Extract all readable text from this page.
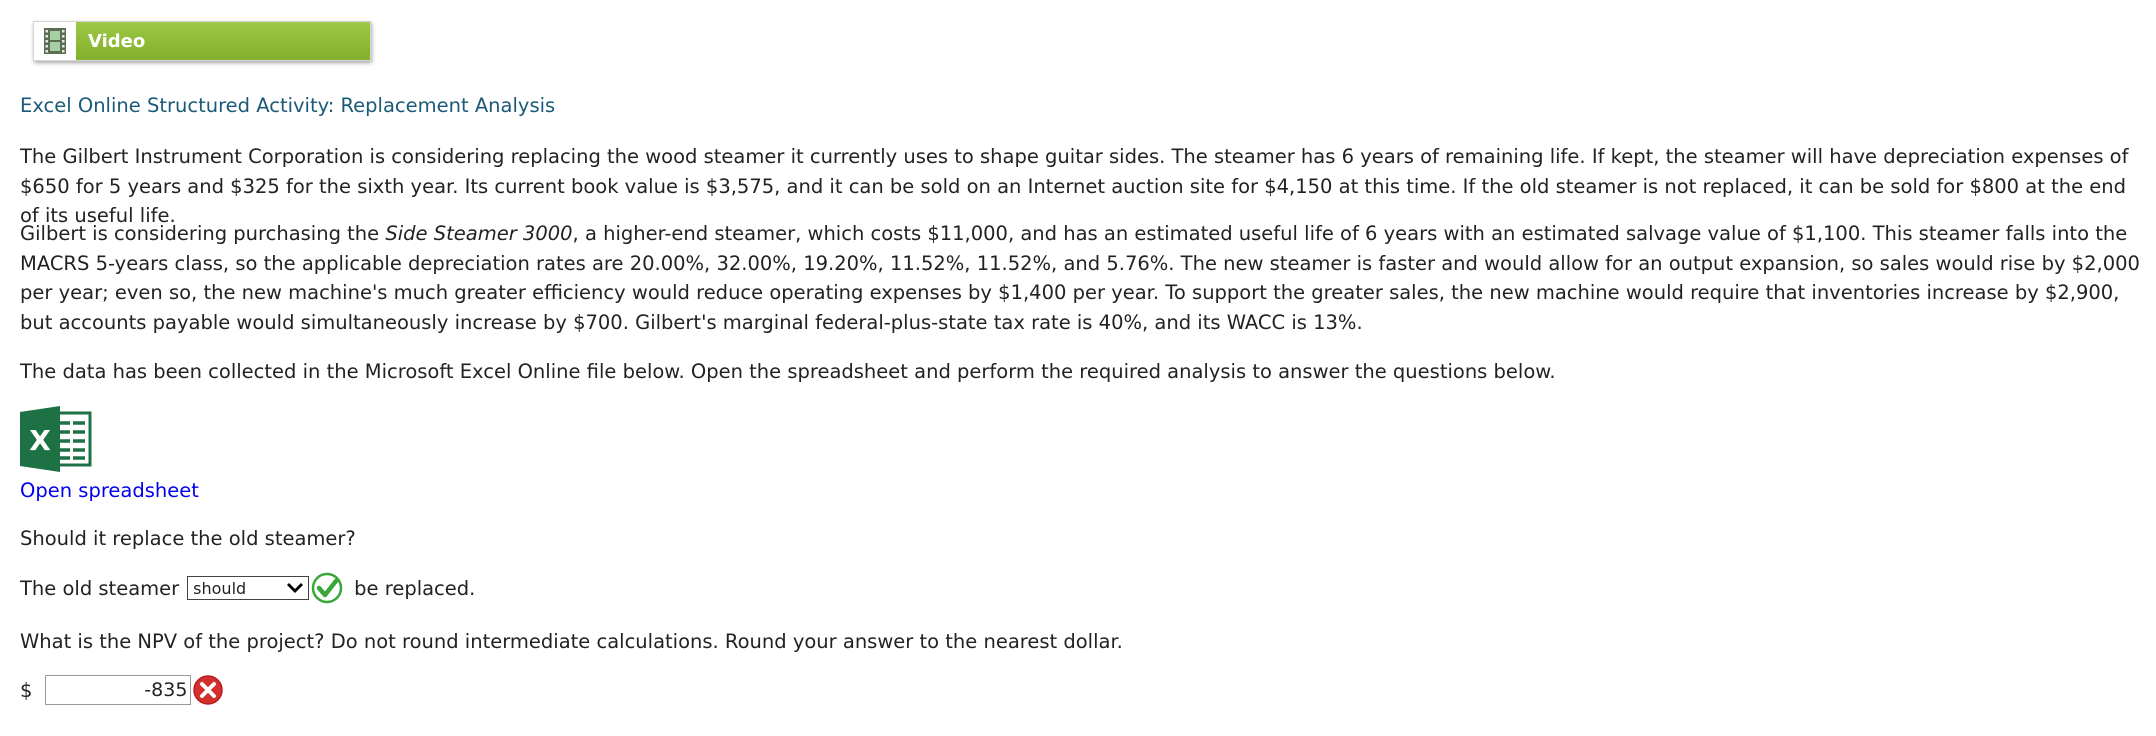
Video
Excel Online Structured Activity: Replacement Analysis

The Gilbert Instrument Corporation is considering replacing the wood steamer it currently uses to shape guitar sides. The steamer has 6 years of remaining life. If kept, the steamer will have depreciation expenses of $650 for 5 years and $325 for the sixth year. Its current book value is $3,575, and it can be sold on an Internet auction site for $4,150 at this time. If the old steamer is not replaced, it can be sold for $800 at the end of its useful life.

Gilbert is considering purchasing the Side Steamer 3000, a higher-end steamer, which costs $11,000, and has an estimated useful life of 6 years with an estimated salvage value of $1,100. This steamer falls into the MACRS 5-years class, so the applicable depreciation rates are 20.00%, 32.00%, 19.20%, 11.52%, 11.52%, and 5.76%. The new steamer is faster and would allow for an output expansion, so sales would rise by $2,000 per year; even so, the new machine's much greater efficiency would reduce operating expenses by $1,400 per year. To support the greater sales, the new machine would require that inventories increase by $2,900, but accounts payable would simultaneously increase by $700. Gilbert's marginal federal-plus-state tax rate is 40%, and its WACC is 13%.

The data has been collected in the Microsoft Excel Online file below. Open the spreadsheet and perform the required analysis to answer the questions below.

X
Open spreadsheet
Should it replace the old steamer?
The old steamer should	be replaced.
What is the NPV of the project? Do not round intermediate calculations. Round your answer to the nearest dollar.
$
-835
